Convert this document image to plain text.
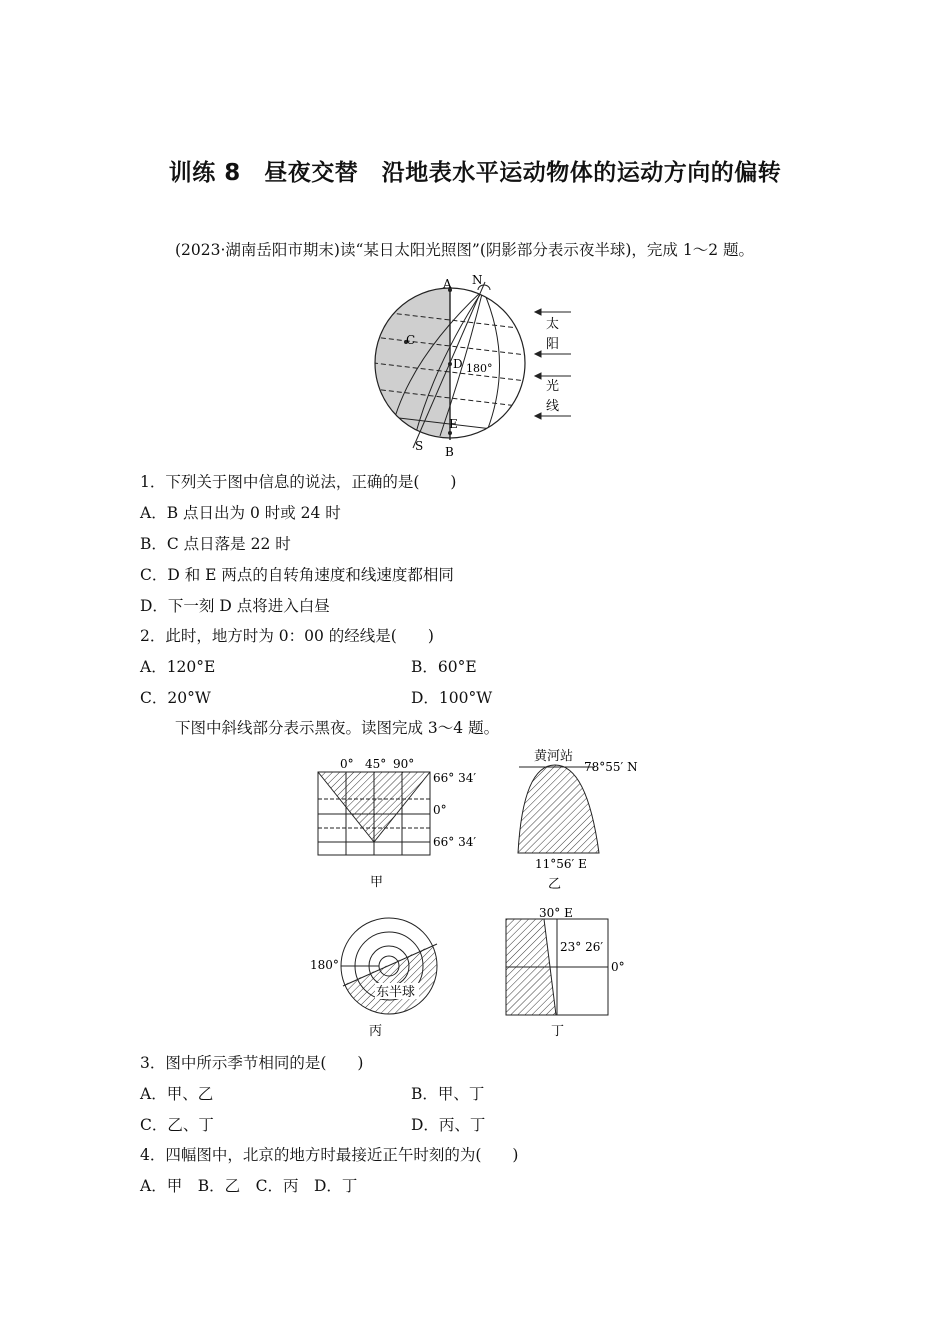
训练 8　昼夜交替　沿地表水平运动物体的运动方向的偏转
(2023·湖南岳阳市期末)读“某日太阳光照图”(阴影部分表示夜半球)，完成 1～2 题。
A N
C
D 180°
E
S B
太
阳
光
线
1．下列关于图中信息的说法，正确的是(　　)
A．B 点日出为 0 时或 24 时
B．C 点日落是 22 时
C．D 和 E 两点的自转角速度和线速度都相同
D．下一刻 D 点将进入白昼
2．此时，地方时为 0：00 的经线是(　　)
A．120°E	B．60°E
C．20°W	D．100°W
下图中斜线部分表示黑夜。读图完成 3～4 题。
0° 45° 90°
66° 34′
0°
66° 34′
甲
黄河站
78°55′ N
11°56′ E
乙
东半球
180°
丙
30° E
23° 26′
0°
丁
3．图中所示季节相同的是(　　)
A．甲、乙	B．甲、丁
C．乙、丁	D．丙、丁
4．四幅图中，北京的地方时最接近正午时刻的为(　　)
A．甲　B．乙　C．丙　D．丁
